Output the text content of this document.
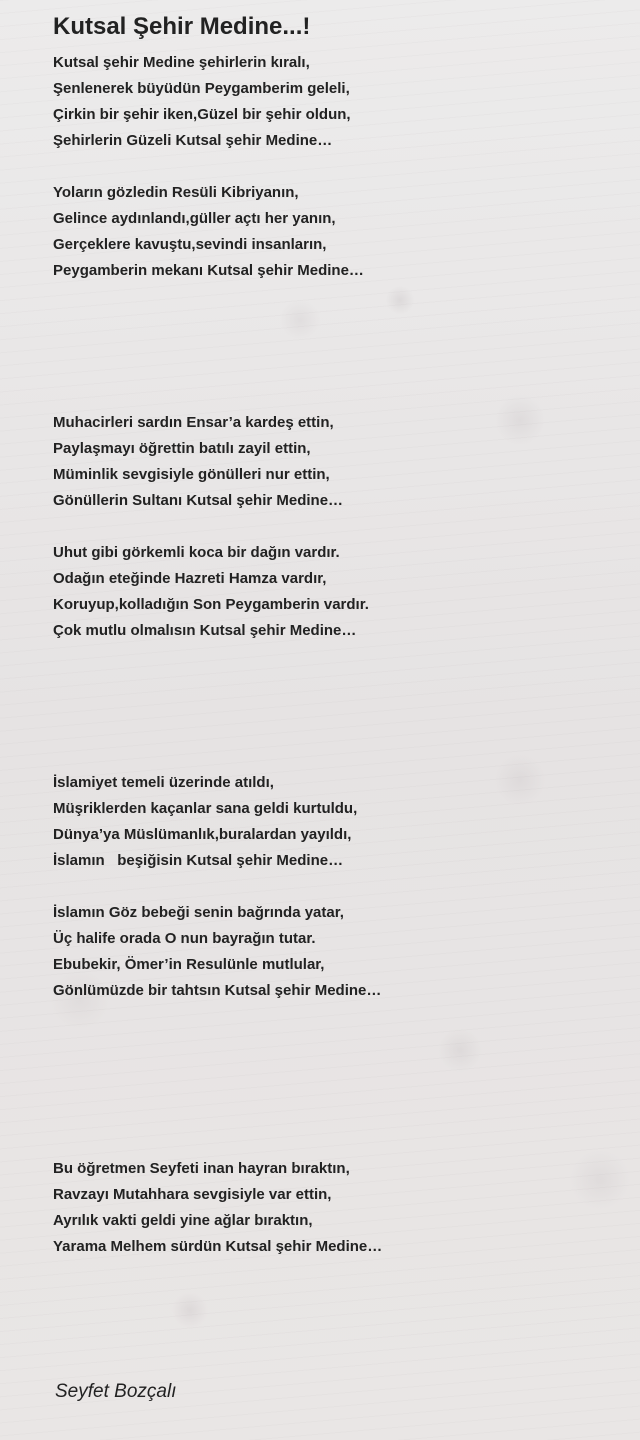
Kutsal Şehir Medine...!
Kutsal şehir Medine şehirlerin kıralı,
Şenlenerek büyüdün Peygamberim geleli,
Çirkin bir şehir iken,Güzel bir şehir oldun,
Şehirlerin Güzeli Kutsal şehir Medine…
Yoların gözledin Resüli Kibriyanın,
Gelince aydınlandı,güller açtı her yanın,
Gerçeklere kavuştu,sevindi insanların,
Peygamberin mekanı Kutsal şehir Medine…
Muhacirleri sardın Ensar’a kardeş ettin,
Paylaşmayı öğrettin batılı zayil ettin,
Müminlik sevgisiyle gönülleri nur ettin,
Gönüllerin Sultanı Kutsal şehir Medine…
Uhut gibi görkemli koca bir dağın vardır.
Odağın eteğinde Hazreti Hamza vardır,
Koruyup,kolladığın Son Peygamberin vardır.
Çok mutlu olmalısın Kutsal şehir Medine…
İslamiyet temeli üzerinde atıldı,
Müşriklerden kaçanlar sana geldi kurtuldu,
Dünya’ya Müslümanlık,buralardan yayıldı,
İslamın   beşiğisin Kutsal şehir Medine…
İslamın Göz bebeği senin bağrında yatar,
Üç halife orada O nun bayrağın tutar.
Ebubekir, Ömer’in Resulünle mutlular,
Gönlümüzde bir tahtsın Kutsal şehir Medine…
Bu öğretmen Seyfeti inan hayran bıraktın,
Ravzayı Mutahhara sevgisiyle var ettin,
Ayrılık vakti geldi yine ağlar bıraktın,
Yarama Melhem sürdün Kutsal şehir Medine…
Seyfet Bozçalı
